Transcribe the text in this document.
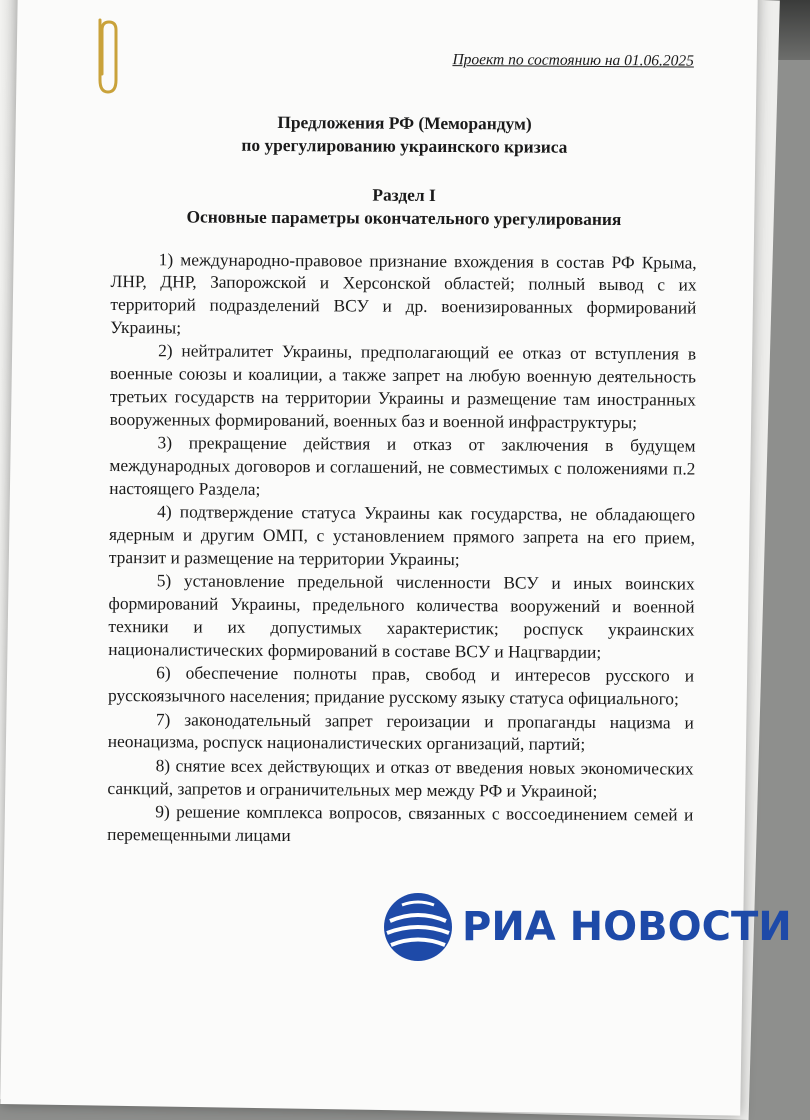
Проект по состоянию на 01.06.2025
Предложения РФ (Меморандум)
по урегулированию украинского кризиса
Раздел I
Основные параметры окончательного урегулирования

1) международно-правовое признание вхождения в состав РФ Крыма, ЛНР, ДНР, Запорожской и Херсонской областей; полный вывод с их территорий подразделений ВСУ и др. военизированных формирований Украины;

2) нейтралитет Украины, предполагающий ее отказ от вступления в военные союзы и коалиции, а также запрет на любую военную деятельность третьих государств на территории Украины и размещение там иностранных вооруженных формирований, военных баз и военной инфраструктуры;

3) прекращение действия и отказ от заключения в будущем международных договоров и соглашений, не совместимых с положениями п.2 настоящего Раздела;

4) подтверждение статуса Украины как государства, не обладающего ядерным и другим ОМП, с установлением прямого запрета на его прием, транзит и размещение на территории Украины;

5) установление предельной численности ВСУ и иных воинских формирований Украины, предельного количества вооружений и военной техники и их допустимых характеристик; роспуск украинских националистических формирований в составе ВСУ и Нацгвардии;

6) обеспечение полноты прав, свобод и интересов русского и русскоязычного населения; придание русскому языку статуса официального;

7) законодательный запрет героизации и пропаганды нацизма и неонацизма, роспуск националистических организаций, партий;

8) снятие всех действующих и отказ от введения новых экономических санкций, запретов и ограничительных мер между РФ и Украиной;

9) решение комплекса вопросов, связанных с воссоединением семей и перемещенными лицами

РИА НОВОСТИ
